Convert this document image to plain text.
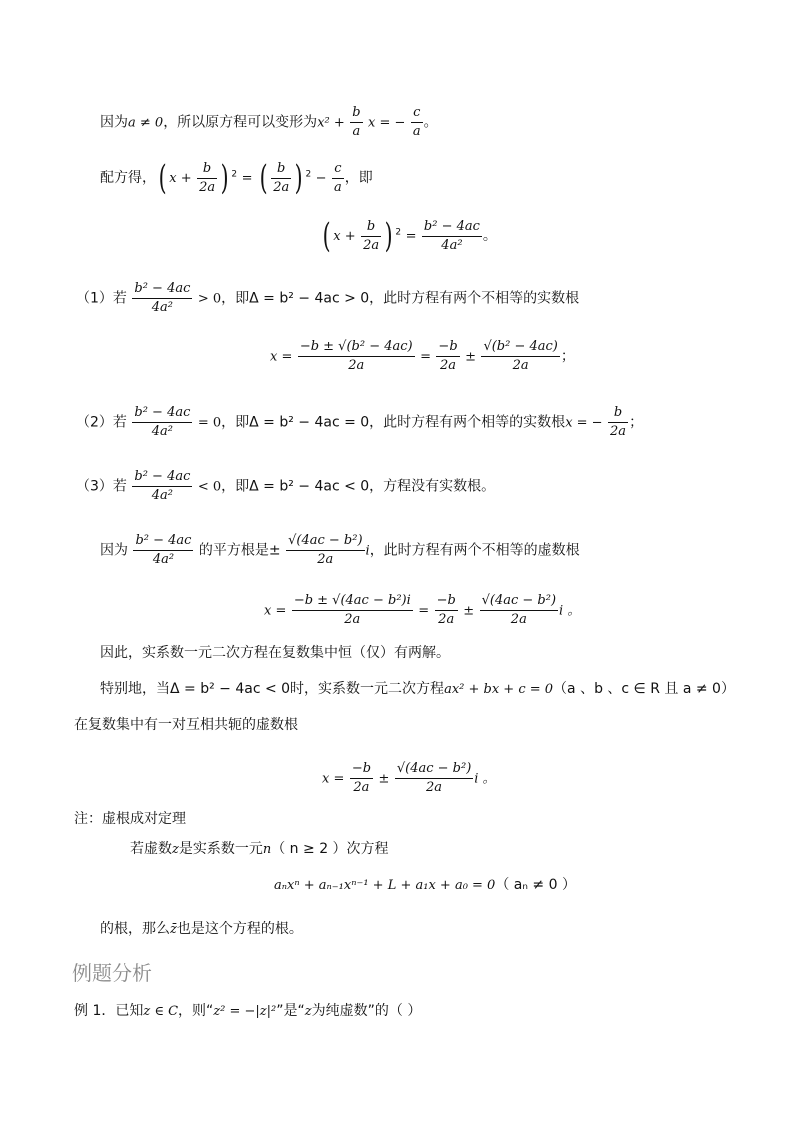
因为a ≠ 0，所以原方程可以变形为$x^2 + \frac{b}{a}$ x = − $\frac{c}{a}$ 。
配方得，( $x + \frac{b}{2a}$ ) $^2$ = ( $\frac{b}{2a}$ ) $^2 - \frac{c}{a}$ ，即
( $x + \frac{b}{2a}$ ) $^2 = \frac{\text{b² − 4ac}}{\text{4a²}}$ 。
（1）若 $\frac{\text{b² − 4ac}}{\text{4a²}} > 0$，即Δ = b² − 4ac > 0，此时方程有两个不相等的实数根
$x = \frac{\text{−b ± √(b² − 4ac)}}{2a} = \frac{-b}{2a} \pm \frac{\text{√(b² − 4ac)}}{2a}$ ；
（2）若 $\frac{\text{b² − 4ac}}{\text{4a²}} = 0$，即Δ = b² − 4ac = 0，此时方程有两个相等的实数根x = − $\frac{b}{2a}$ ；
（3）若 $\frac{\text{b² − 4ac}}{\text{4a²}} < 0$，即Δ = b² − 4ac < 0，方程没有实数根。
因为 $\frac{\text{b² − 4ac}}{\text{4a²}}$ 的平方根是± $\frac{\text{√(4ac − b²)}}{2a}$ i，此时方程有两个不相等的虚数根
$x = \frac{\text{−b ± √(4ac − b²)i}}{2a} = \frac{-b}{2a} \pm \frac{\text{√(4ac − b²)}}{2a}$ i 。
因此，实系数一元二次方程在复数集中恒（仅）有两解。
特别地，当Δ = b² − 4ac < 0时，实系数一元二次方程ax² + bx + c = 0（a 、b 、c ∈ R 且 a ≠ 0）
在复数集中有一对互相共轭的虚数根
$x = \frac{-b}{2a} \pm \frac{\text{√(4ac − b²)}}{2a}$ i 。
注：虚根成对定理
若虚数z是实系数一元n（ n ≥ 2 ）次方程
aₙxⁿ + aₙ₋₁xⁿ⁻¹ + L + a₁x + a₀ = 0（ aₙ ≠ 0 ）
的根，那么z̄也是这个方程的根。
例题分析
例 1．已知z ∈ C，则“z² = −|z|²”是“z为纯虚数”的（ ）
